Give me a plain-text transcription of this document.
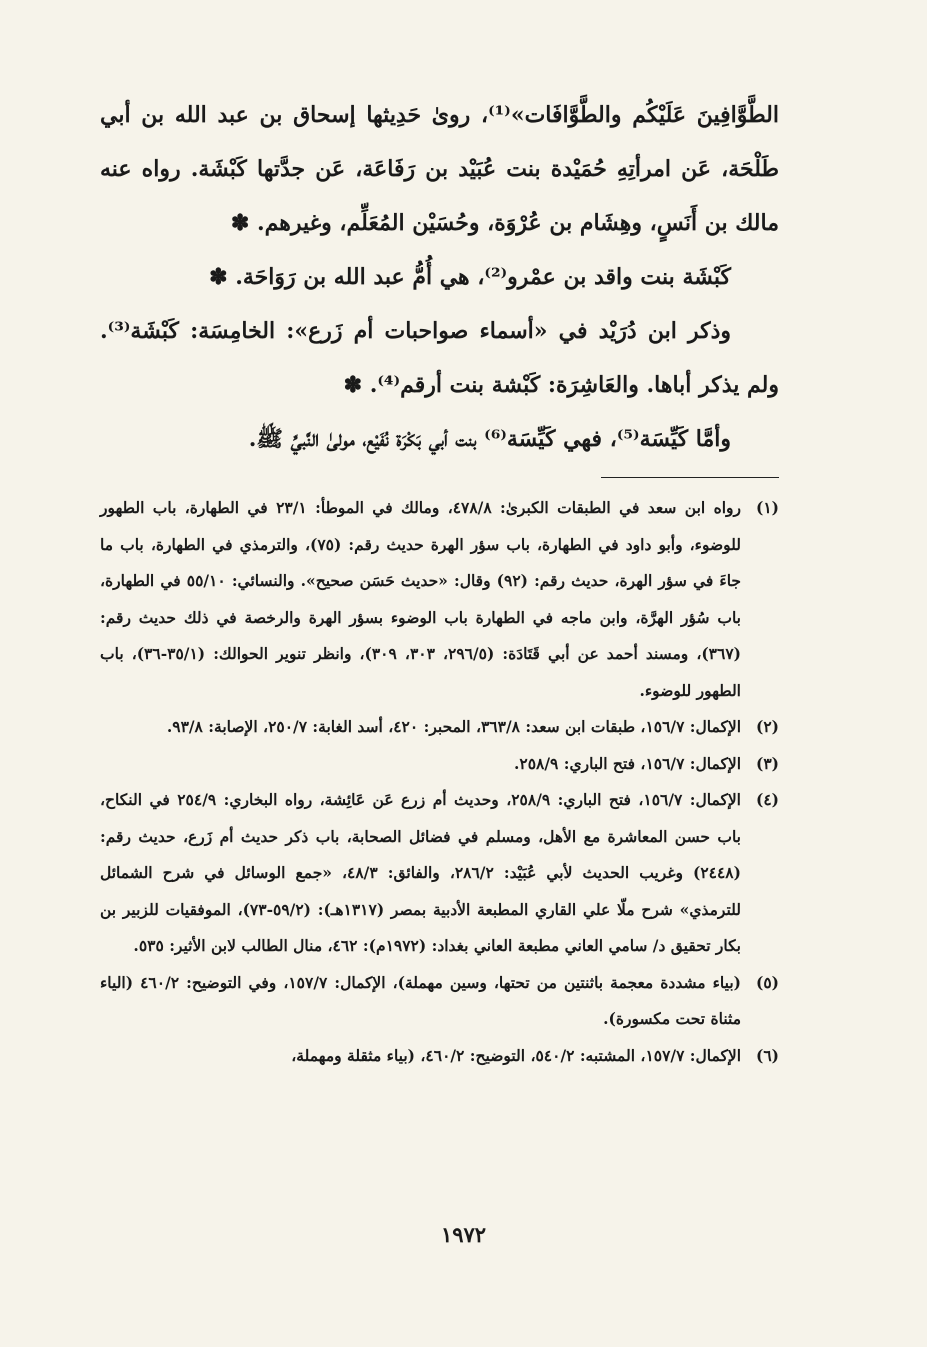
الطَّوَّافِينَ عَلَيْكُم والطَّوَّافَات»⁽¹⁾، روىٰ حَدِيثها إسحاق بن عبد الله بن أبي طَلْحَة، عَن امرأتِهِ حُمَيْدة بنت عُبَيْد بن رَفَاعَة، عَن جدَّتها كَبْشَة. رواه عنه مالك بن أَنَسٍ، وهِشَام بن عُرْوَة، وحُسَيْن المُعَلِّم، وغيرهم. ✽

كَبْشَة بنت واقد بن عمْرو⁽²⁾، هي أُمُّ عبد الله بن رَوَاحَة. ✽

وذكر ابن دُرَيْد في «أسماء صواحبات أم زَرع»: الخامِسَة: كَبْشَة⁽³⁾. ولم يذكر أباها. والعَاشِرَة: كَبْشة بنت أرقم⁽⁴⁾. ✽

وأمَّا كَيِّسَة⁽⁵⁾، فهي كَيِّسَة⁽⁶⁾ بنت أبي بَكْرَة نُفَيْع، مولىٰ النَّبيِّ ﷺ.

(١)
رواه ابن سعد في الطبقات الكبرىٰ: ٤٧٨/٨، ومالك في الموطأ: ٢٣/١ في الطهارة، باب الطهور للوضوء، وأبو داود في الطهارة، باب سؤر الهرة حديث رقم: (٧٥)، والترمذي في الطهارة، باب ما جاءَ في سؤر الهرة، حديث رقم: (٩٢) وقال: «حديث حَسَن صحيح». والنسائي: ٥٥/١٠ في الطهارة، باب سُؤر الهرَّة، وابن ماجه في الطهارة باب الوضوء بسؤر الهرة والرخصة في ذلك حديث رقم: (٣٦٧)، ومسند أحمد عن أبي قَتَادَة: (٢٩٦/٥، ٣٠٣، ٣٠٩)، وانظر تنوير الحوالك: (٣٥/١-٣٦)، باب الطهور للوضوء.
(٢)
الإكمال: ١٥٦/٧، طبقات ابن سعد: ٣٦٣/٨، المحبر: ٤٢٠، أسد الغابة: ٢٥٠/٧، الإصابة: ٩٣/٨.
(٣)
الإكمال: ١٥٦/٧، فتح الباري: ٢٥٨/٩.
(٤)
الإكمال: ١٥٦/٧، فتح الباري: ٢٥٨/٩، وحديث أم زرع عَن عَائِشة، رواه البخاري: ٢٥٤/٩ في النكاح، باب حسن المعاشرة مع الأهل، ومسلم في فضائل الصحابة، باب ذكر حديث أم زَرع، حديث رقم: (٢٤٤٨) وغريب الحديث لأبي عُبَيْد: ٢٨٦/٢، والفائق: ٤٨/٣، «جمع الوسائل في شرح الشمائل للترمذي» شرح ملّا علي القاري المطبعة الأدبية بمصر (١٣١٧هـ): (٥٩/٢-٧٣)، الموفقيات للزبير بن بكار تحقيق د/ سامي العاني مطبعة العاني بغداد: (١٩٧٢م): ٤٦٢، منال الطالب لابن الأثير: ٥٣٥.
(٥)
(بياء مشددة معجمة باثنتين من تحتها، وسين مهملة)، الإكمال: ١٥٧/٧، وفي التوضيح: ٤٦٠/٢ (الياء مثناة تحت مكسورة).
(٦)
الإكمال: ١٥٧/٧، المشتبه: ٥٤٠/٢، التوضيح: ٤٦٠/٢، (بياء مثقلة ومهملة،
١٩٧٢
